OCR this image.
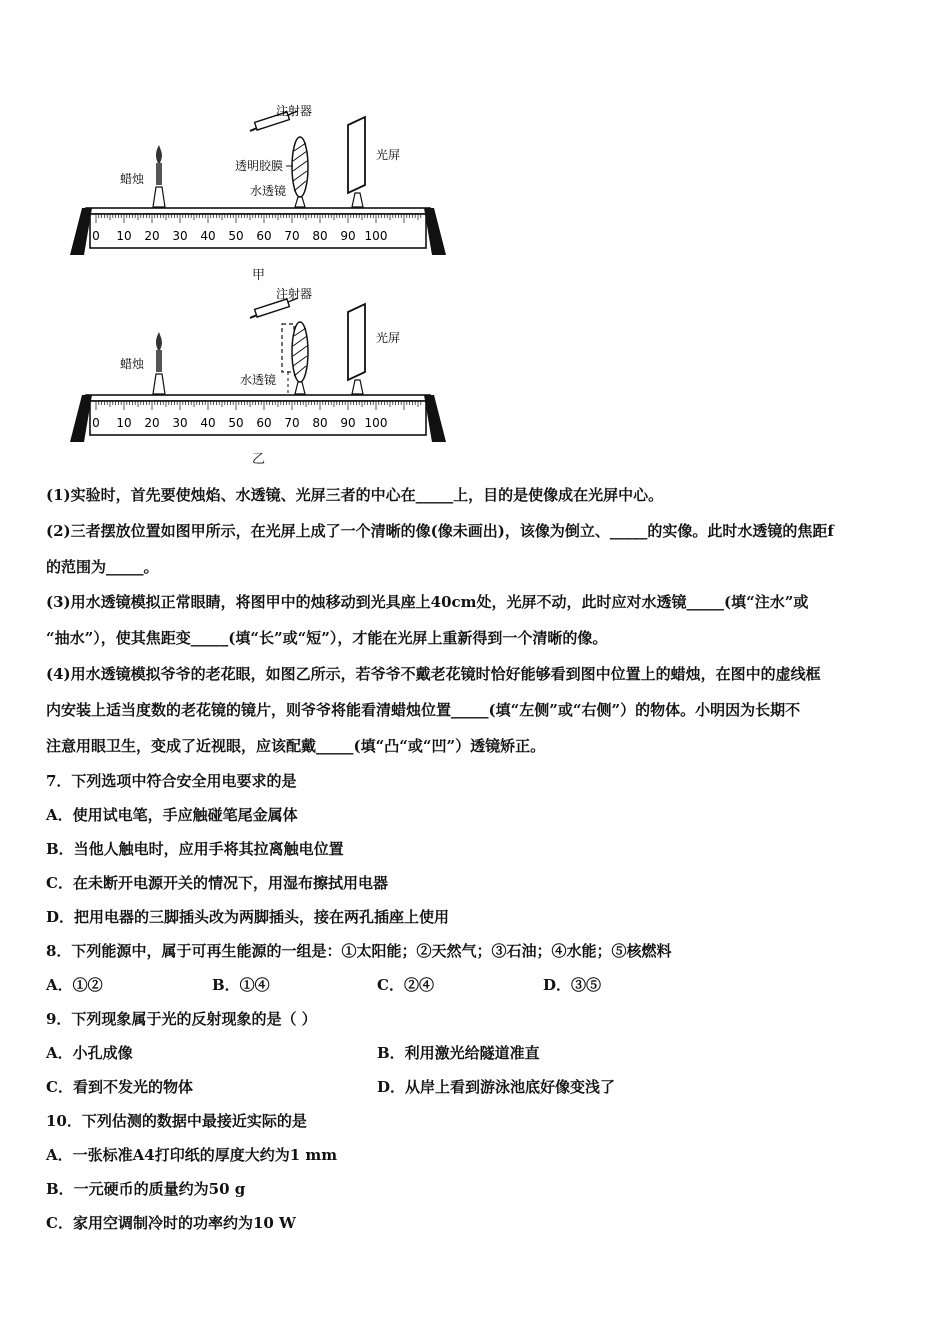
注射器
光屏
蜡烛
透明胶膜
水透镜
0 10 20 30 40 50 60 70 80 90 100
甲
注射器
光屏
蜡烛
水透镜
0 10 20 30 40 50 60 70 80 90 100
乙
(1)实验时，首先要使烛焰、水透镜、光屏三者的中心在_____上，目的是使像成在光屏中心。
(2)三者摆放位置如图甲所示，在光屏上成了一个清晰的像(像未画出)，该像为倒立、_____的实像。此时水透镜的焦距f
的范围为_____。
(3)用水透镜模拟正常眼睛，将图甲中的烛移动到光具座上40cm处，光屏不动，此时应对水透镜_____(填“注水”或
“抽水”），使其焦距变_____(填“长”或“短”），才能在光屏上重新得到一个清晰的像。
(4)用水透镜模拟爷爷的老花眼，如图乙所示，若爷爷不戴老花镜时恰好能够看到图中位置上的蜡烛，在图中的虚线框
内安装上适当度数的老花镜的镜片，则爷爷将能看清蜡烛位置_____(填“左侧”或“右侧”）的物体。小明因为长期不
注意用眼卫生，变成了近视眼，应该配戴_____(填“凸“或“凹”）透镜矫正。
7．下列选项中符合安全用电要求的是
A．使用试电笔，手应触碰笔尾金属体
B．当他人触电时，应用手将其拉离触电位置
C．在未断开电源开关的情况下，用湿布擦拭用电器
D．把用电器的三脚插头改为两脚插头，接在两孔插座上使用
8．下列能源中，属于可再生能源的一组是：①太阳能；②天然气；③石油；④水能；⑤核燃料
A．①②	B．①④	C．②④	D．③⑤
9．下列现象属于光的反射现象的是（ ）
A．小孔成像	B．利用激光给隧道准直
C．看到不发光的物体	D．从岸上看到游泳池底好像变浅了
10．下列估测的数据中最接近实际的是
A．一张标准A4打印纸的厚度大约为1 mm
B．一元硬币的质量约为50 g
C．家用空调制冷时的功率约为10 W
